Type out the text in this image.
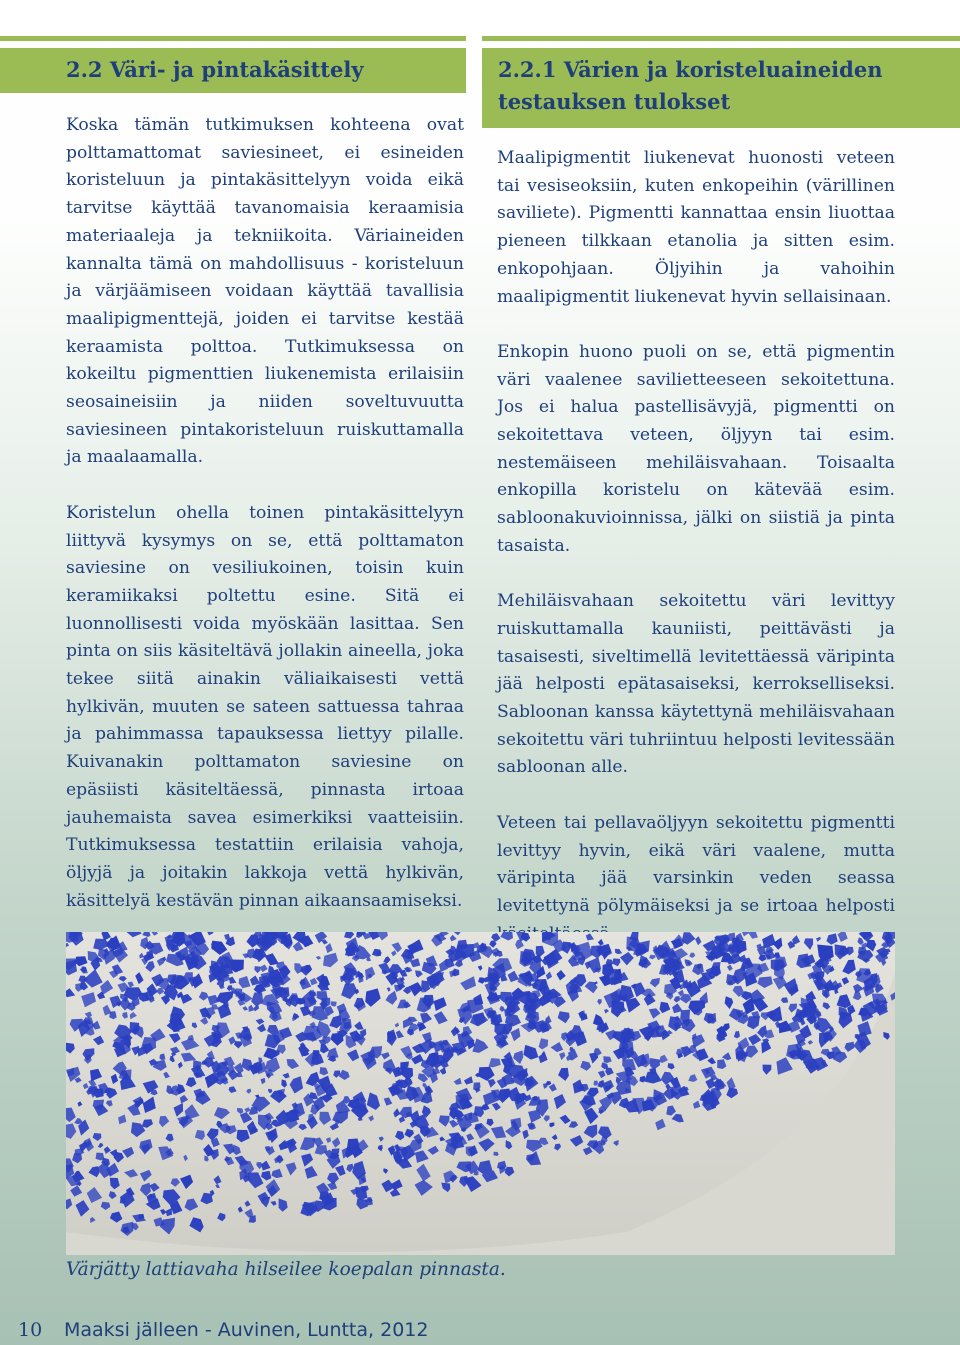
2.2 Väri- ja pintakäsittely	2.2.1 Värien ja koristeluaineiden testauksen tulokset

Koska tämän tutkimuksen kohteena ovat polttamattomat saviesineet, ei esineiden koristeluun ja pintakäsittelyyn voida eikä tarvitse käyttää tavanomaisia keraamisia materiaaleja ja tekniikoita. Väriaineiden kannalta tämä on mahdollisuus - koristeluun ja värjäämiseen voidaan käyttää tavallisia maalipigmenttejä, joiden ei tarvitse kestää keraamista polttoa. Tutkimuksessa on kokeiltu pigmenttien liukenemista erilaisiin seosaineisiin ja niiden soveltuvuutta saviesineen pintakoristeluun ruiskuttamalla ja maalaamalla.

Koristelun ohella toinen pintakäsittelyyn liittyvä kysymys on se, että polttamaton saviesine on vesiliukoinen, toisin kuin keramiikaksi poltettu esine. Sitä ei luonnollisesti voida myöskään lasittaa. Sen pinta on siis käsiteltävä jollakin aineella, joka tekee siitä ainakin väliaikaisesti vettä hylkivän, muuten se sateen sattuessa tahraa ja pahimmassa tapauksessa liettyy pilalle. Kuivanakin polttamaton saviesine on epäsiisti käsiteltäessä, pinnasta irtoaa jauhemaista savea esimerkiksi vaatteisiin. Tutkimuksessa testattiin erilaisia vahoja, öljyjä ja joitakin lakkoja vettä hylkivän, käsittelyä kestävän pinnan aikaansaamiseksi.

Maalipigmentit liukenevat huonosti veteen tai vesiseoksiin, kuten enkopeihin (värillinen saviliete). Pigmentti kannattaa ensin liuottaa pieneen tilkkaan etanolia ja sitten esim. enkopohjaan. Öljyihin ja vahoihin maalipigmentit liukenevat hyvin sellaisinaan.

Enkopin huono puoli on se, että pigmentin väri vaalenee savilietteeseen sekoitettuna. Jos ei halua pastellisävyjä, pigmentti on sekoitettava veteen, öljyyn tai esim. nestemäiseen mehiläisvahaan. Toisaalta enkopilla koristelu on kätevää esim. sabloonakuvioinnissa, jälki on siistiä ja pinta tasaista.

Mehiläisvahaan sekoitettu väri levittyy ruiskuttamalla kauniisti, peittävästi ja tasaisesti, siveltimellä levitettäessä väripinta jää helposti epätasaiseksi, kerrokselliseksi. Sabloonan kanssa käytettynä mehiläisvahaan sekoitettu väri tuhriintuu helposti levitessään sabloonan alle.

Veteen tai pellavaöljyyn sekoitettu pigmentti levittyy hyvin, eikä väri vaalene, mutta väripinta jää varsinkin veden seassa levitettynä pölymäiseksi ja se irtoaa helposti

Värjätty lattiavaha hilseilee koepalan pinnasta.
10 Maaksi jälleen - Auvinen, Luntta, 2012
